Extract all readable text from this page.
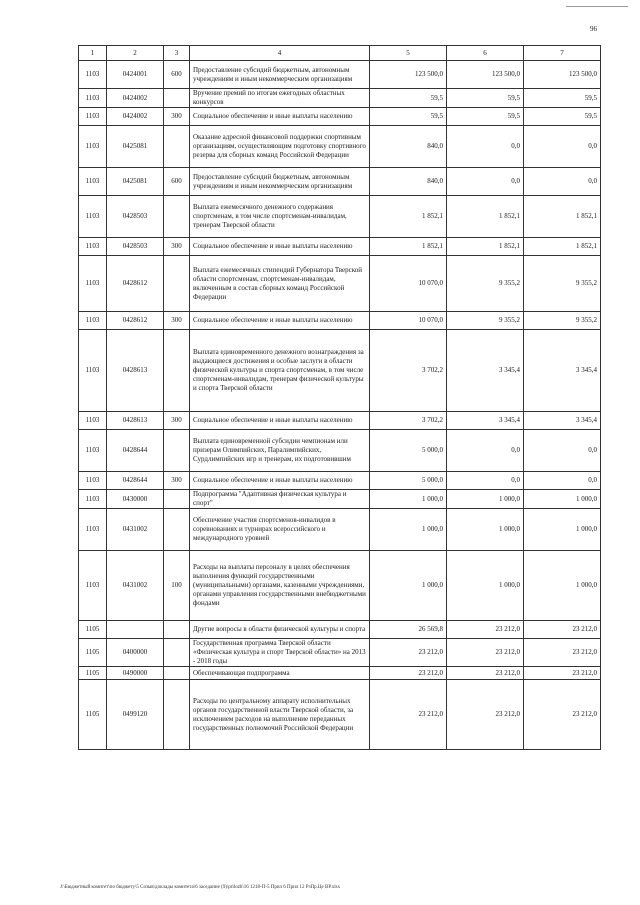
96
1	2	3	4	5	6	7
1103	0424001	600	Предоставление субсидий бюджетным, автономным учреждениям и иным некоммерческим организациям	123 500,0	123 500,0	123 500,0
1103	0424002		Вручение премий по итогам ежегодных областных конкурсов	59,5	59,5	59,5
1103	0424002	300	Социальное обеспечение и иные выплаты населению	59,5	59,5	59,5
1103	0425081		Оказание адресной финансовой поддержки спортивным организациям, осуществляющим подготовку спортивного резерва для сборных команд Российской Федерации	840,0	0,0	0,0
1103	0425081	600	Предоставление субсидий бюджетным, автономным учреждениям и иным некоммерческим организациям	840,0	0,0	0,0
1103	0428503		Выплата ежемесячного денежного содержания спортсменам, в том числе спортсменам-инвалидам, тренерам Тверской области	1 852,1	1 852,1	1 852,1
1103	0428503	300	Социальное обеспечение и иные выплаты населению	1 852,1	1 852,1	1 852,1
1103	0428612		Выплата ежемесячных стипендий Губернатора Тверской области спортсменам, спортсменам-инвалидам, включенным в состав сборных команд Российской Федерации	10 070,0	9 355,2	9 355,2
1103	0428612	300	Социальное обеспечение и иные выплаты населению	10 070,0	9 355,2	9 355,2
1103	0428613		Выплата единовременного денежного вознаграждения за выдающиеся достижения и особые заслуги в области физической культуры и спорта спортсменам, в том числе спортсменам-инвалидам, тренерам физической культуры и спорта Тверской области	3 702,2	3 345,4	3 345,4
1103	0428613	300	Социальное обеспечение и иные выплаты населению	3 702,2	3 345,4	3 345,4
1103	0428644		Выплата единовременной субсидии чемпионам или призерам Олимпийских, Паралимпийских, Сурдлимпийских игр и тренерам, их подготовившим	5 000,0	0,0	0,0
1103	0428644	300	Социальное обеспечение и иные выплаты населению	5 000,0	0,0	0,0
1103	0430000		Подпрограмма "Адаптивная физическая культура и спорт"	1 000,0	1 000,0	1 000,0
1103	0431002		Обеспечение участия спортсменов-инвалидов в соревнованиях и турнирах всероссийского и международного уровней	1 000,0	1 000,0	1 000,0
1103	0431002	100	Расходы на выплаты персоналу в целях обеспечения выполнения функций государственными (муниципальными) органами, казенными учреждениями, органами управления государственными внебюджетными фондами	1 000,0	1 000,0	1 000,0
1105			Другие вопросы в области физической культуры и спорта	26 569,8	23 212,0	23 212,0
1105	0400000		Государственная программа Тверской области «Физическая культура и спорт Тверской области» на 2013 - 2018 годы	23 212,0	23 212,0	23 212,0
1105	0490000		Обеспечивающая подпрограмма	23 212,0	23 212,0	23 212,0
1105	0499120		Расходы по центральному аппарату исполнительных органов государственной власти Тверской области, за исключением расходов на выполнение переданных государственных полномочий Российской Федерации	23 212,0	23 212,0	23 212,0
J:\Бюджетный комитет\по бюджету\5 Созыв\доклады комитета\6 заседание (9)\prilozh\16 1218-П-5 Прил 6 Прил 12 РзПр.Це ВР.xlsx
